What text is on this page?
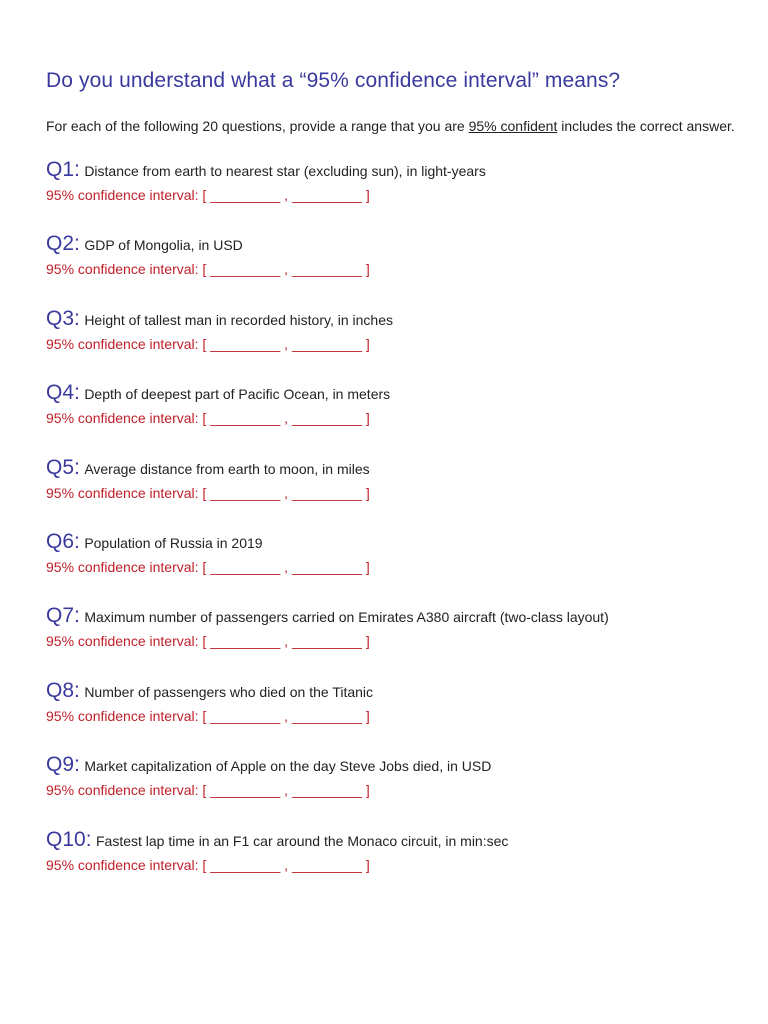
Do you understand what a “95% confidence interval” means?

For each of the following 20 questions, provide a range that you are 95% confident includes the correct answer.

Q1: Distance from earth to nearest star (excluding sun), in light-years
95% confidence interval: [ _________ , _________ ]
Q2: GDP of Mongolia, in USD
95% confidence interval: [ _________ , _________ ]
Q3: Height of tallest man in recorded history, in inches
95% confidence interval: [ _________ , _________ ]
Q4: Depth of deepest part of Pacific Ocean, in meters
95% confidence interval: [ _________ , _________ ]
Q5: Average distance from earth to moon, in miles
95% confidence interval: [ _________ , _________ ]
Q6: Population of Russia in 2019
95% confidence interval: [ _________ , _________ ]
Q7: Maximum number of passengers carried on Emirates A380 aircraft (two-class layout)
95% confidence interval: [ _________ , _________ ]
Q8: Number of passengers who died on the Titanic
95% confidence interval: [ _________ , _________ ]
Q9: Market capitalization of Apple on the day Steve Jobs died, in USD
95% confidence interval: [ _________ , _________ ]
Q10: Fastest lap time in an F1 car around the Monaco circuit, in min:sec
95% confidence interval: [ _________ , _________ ]
